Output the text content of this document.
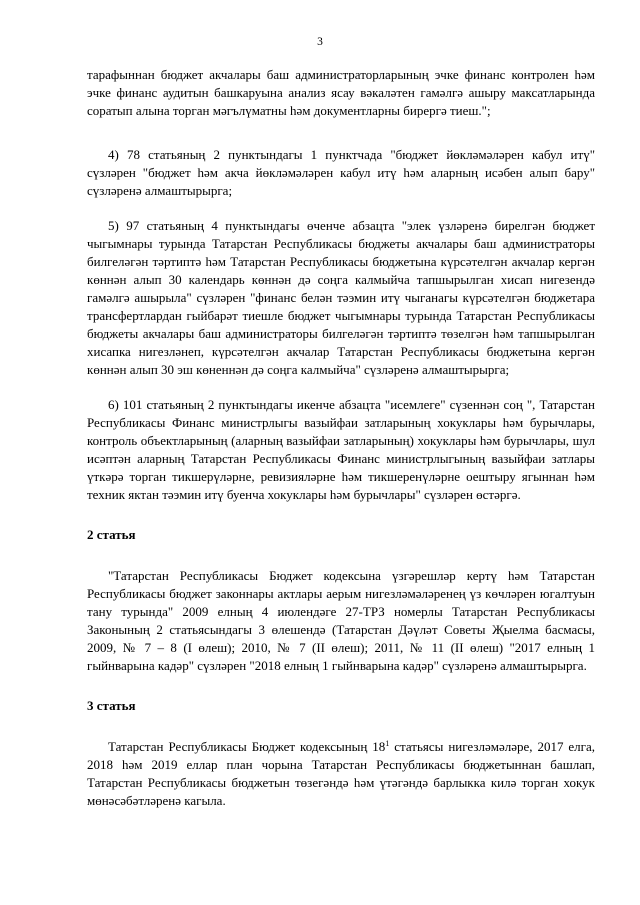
3

тарафыннан бюджет акчалары баш администраторларының эчке финанс контролен һәм эчке финанс аудитын башкаруына анализ ясау вәкаләтен гамәлгә ашыру максатларында соратып алына торган мәгълүматны һәм документларны бирергә тиеш.";

4) 78 статьяның 2 пунктындагы 1 пунктчада "бюджет йөкләмәләрен кабул итү" сүзләрен "бюджет һәм акча йөкләмәләрен кабул итү һәм аларның исәбен алып бару" сүзләренә алмаштырырга;

5) 97 статьяның 4 пунктындагы өченче абзацта "элек үзләренә бирелгән бюджет чыгымнары турында Татарстан Республикасы бюджеты акчалары баш администраторы билгеләгән тәртиптә һәм Татарстан Республикасы бюджетына күрсәтелгән акчалар кергән көннән алып 30 календарь көннән дә соңга калмыйча тапшырылган хисап нигезендә гамәлгә ашырыла" сүзләрен "финанс белән тәэмин итү чыганагы күрсәтелгән бюджетара трансфертлардан гыйбарәт тиешле бюджет чыгымнары турында Татарстан Республикасы бюджеты акчалары баш администраторы билгеләгән тәртиптә төзелгән һәм тапшырылган хисапка нигезләнеп, күрсәтелгән акчалар Татарстан Республикасы бюджетына кергән көннән алып 30 эш көненнән дә соңга калмыйча" сүзләренә алмаштырырга;

6) 101 статьяның 2 пунктындагы икенче абзацта "исемлеге" сүзеннән соң ", Татарстан Республикасы Финанс министрлыгы вазыйфаи затларының хокуклары һәм бурычлары, контроль объектларының (аларның вазыйфаи затларының) хокуклары һәм бурычлары, шул исәптән аларның Татарстан Республикасы Финанс министрлыгының вазыйфаи затлары үткәрә торган тикшерүләрне, ревизияләрне һәм тикшеренүләрне оештыру ягыннан һәм техник яктан тәэмин итү буенча хокуклары һәм бурычлары" сүзләрен өстәргә.

2 статья

"Татарстан Республикасы Бюджет кодексына үзгәрешләр кертү һәм Татарстан Республикасы бюджет законнары актлары аерым нигезләмәләренең үз көчләрен югалтуын тану турында" 2009 елның 4 июлендәге 27-ТРЗ номерлы Татарстан Республикасы Законының 2 статьясындагы 3 өлешендә (Татарстан Дәүләт Советы Җыелма басмасы, 2009, № 7 – 8 (I өлеш); 2010, № 7 (II өлеш); 2011, № 11 (II өлеш) "2017 елның 1 гыйнварына кадәр" сүзләрен "2018 елның 1 гыйнварына кадәр" сүзләренә алмаштырырга.

3 статья

Татарстан Республикасы Бюджет кодексының $18^1$ статьясы нигезләмәләре, 2017 елга, 2018 һәм 2019 еллар план чорына Татарстан Республикасы бюджетыннан башлап, Татарстан Республикасы бюджетын төзегәндә һәм үтәгәндә барлыкка килә торган хокук мөнәсәбәтләренә кагыла.
